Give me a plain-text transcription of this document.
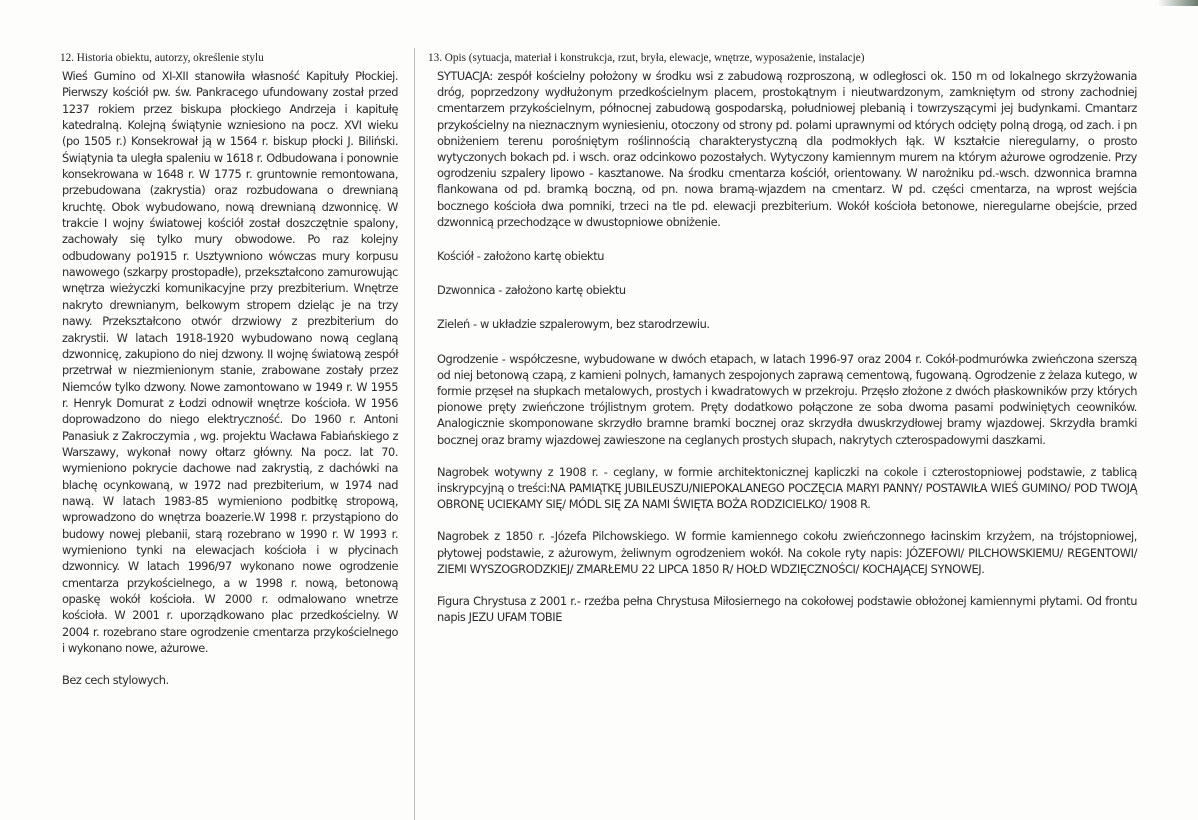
12. Historia obiektu, autorzy, określenie stylu

Wieś Gumino od XI-XII stanowiła własność Kapituły Płockiej. Pierwszy kościół pw. św. Pankracego ufundowany został przed 1237 rokiem przez biskupa płockiego Andrzeja i kapitułę katedralną. Kolejną świątynie wzniesiono na pocz. XVI wieku (po 1505 r.) Konsekrował ją w 1564 r. biskup płocki J. Biliński. Świątynia ta uległa spaleniu w 1618 r. Odbudowana i ponownie konsekrowana w 1648 r. W 1775 r. gruntownie remontowana, przebudowana (zakrystia) oraz rozbudowana o drewnianą kruchtę. Obok wybudowano, nową drewnianą dzwonnicę. W trakcie I wojny światowej kościół został doszczętnie spalony, zachowały się tylko mury obwodowe. Po raz kolejny odbudowany po1915 r. Usztywniono wówczas mury korpusu nawowego (szkarpy prostopadłe), przekształcono zamurowując wnętrza wieżyczki komunikacyjne przy prezbiterium. Wnętrze nakryto drewnianym, belkowym stropem dzieląc je na trzy nawy. Przekształcono otwór drzwiowy z prezbiterium do zakrystii. W latach 1918-1920 wybudowano nową ceglaną dzwonnicę, zakupiono do niej dzwony. II wojnę światową zespół przetrwał w niezmienionym stanie, zrabowane zostały przez Niemców tylko dzwony. Nowe zamontowano w 1949 r. W 1955 r. Henryk Domurat z Łodzi odnowił wnętrze kościoła. W 1956 doprowadzono do niego elektryczność. Do 1960 r. Antoni Panasiuk z Zakroczymia , wg. projektu Wacława Fabiańskiego z Warszawy, wykonał nowy ołtarz główny. Na pocz. lat 70. wymieniono pokrycie dachowe nad zakrystią, z dachówki na blachę ocynkowaną, w 1972 nad prezbiterium, w 1974 nad nawą. W latach 1983-85 wymieniono podbitkę stropową, wprowadzono do wnętrza boazerie.W 1998 r. przystąpiono do budowy nowej plebanii, starą rozebrano w 1990 r. W 1993 r. wymieniono tynki na elewacjach kościoła i w płycinach dzwonnicy. W latach 1996/97 wykonano nowe ogrodzenie cmentarza przykościelnego, a w 1998 r. nową, betonową opaskę wokół kościoła. W 2000 r. odmalowano wnetrze kościoła. W 2001 r. uporządkowano plac przedkościelny. W 2004 r. rozebrano stare ogrodzenie cmentarza przykościelnego i wykonano nowe, ażurowe.

Bez cech stylowych.

13. Opis (sytuacja, materiał i konstrukcja, rzut, bryła, elewacje, wnętrze, wyposażenie, instalacje)

SYTUACJA: zespół kościelny położony w środku wsi z zabudową rozproszoną, w odległosci ok. 150 m od lokalnego skrzyżowania dróg, poprzedzony wydłużonym przedkościelnym placem, prostokątnym i nieutwardzonym, zamkniętym od strony zachodniej cmentarzem przykościelnym, północnej zabudową gospodarską, południowej plebanią i towrzyszącymi jej budynkami. Cmantarz przykościelny na nieznacznym wyniesieniu, otoczony od strony pd. polami uprawnymi od których odcięty polną drogą, od zach. i pn obniżeniem terenu porośniętym roślinnością charakterystyczną dla podmokłych łąk. W kształcie nieregularny, o prosto wytyczonych bokach pd. i wsch. oraz odcinkowo pozostałych. Wytyczony kamiennym murem na którym ażurowe ogrodzenie. Przy ogrodzeniu szpalery lipowo - kasztanowe. Na środku cmentarza kościół, orientowany. W narożniku pd.-wsch. dzwonnica bramna flankowana od pd. bramką boczną, od pn. nowa bramą-wjazdem na cmentarz. W pd. części cmentarza, na wprost wejścia bocznego kościoła dwa pomniki, trzeci na tle pd. elewacji prezbiterium. Wokół kościoła betonowe, nieregularne obejście, przed dzwonnicą przechodzące w dwustopniowe obniżenie.

Kościół - założono kartę obiektu

Dzwonnica - założono kartę obiektu

Zieleń - w układzie szpalerowym, bez starodrzewiu.

Ogrodzenie - współczesne, wybudowane w dwóch etapach, w latach 1996-97 oraz 2004 r. Cokół-podmurówka zwieńczona szerszą od niej betonową czapą, z kamieni polnych, łamanych zespojonych zaprawą cementową, fugowaną. Ogrodzenie z żelaza kutego, w formie przęseł na słupkach metalowych, prostych i kwadratowych w przekroju. Przęsło złożone z dwóch płaskowników przy których pionowe pręty zwieńczone trójlistnym grotem. Pręty dodatkowo połączone ze soba dwoma pasami podwiniętych ceowników. Analogicznie skomponowane skrzydło bramne bramki bocznej oraz skrzydła dwuskrzydłowej bramy wjazdowej. Skrzydła bramki bocznej oraz bramy wjazdowej zawieszone na ceglanych prostych słupach, nakrytych czterospadowymi daszkami.

Nagrobek wotywny z 1908 r. - ceglany, w formie architektonicznej kapliczki na cokole i czterostopniowej podstawie, z tablicą inskrypcyjną o treści:NA PAMIĄTKĘ JUBILEUSZU/NIEPOKALANEGO POCZĘCIA MARYI PANNY/ POSTAWIŁA WIEŚ GUMINO/ POD TWOJĄ OBRONĘ UCIEKAMY SIĘ/ MÓDL SIĘ ZA NAMI ŚWIĘTA BOŻA RODZICIELKO/ 1908 R.

Nagrobek z 1850 r. -Józefa Pilchowskiego. W formie kamiennego cokołu zwieńczonnego łacinskim krzyżem, na trójstopniowej, płytowej podstawie, z ażurowym, żeliwnym ogrodzeniem wokół. Na cokole ryty napis: JÓZEFOWI/ PILCHOWSKIEMU/ REGENTOWI/ ZIEMI WYSZOGRODZKIEJ/ ZMARŁEMU 22 LIPCA 1850 R/ HOŁD WDZIĘCZNOŚCI/ KOCHAJĄCEJ SYNOWEJ.

Figura Chrystusa z 2001 r.- rzeźba pełna Chrystusa Miłosiernego na cokołowej podstawie obłożonej kamiennymi płytami. Od frontu napis JEZU UFAM TOBIE
